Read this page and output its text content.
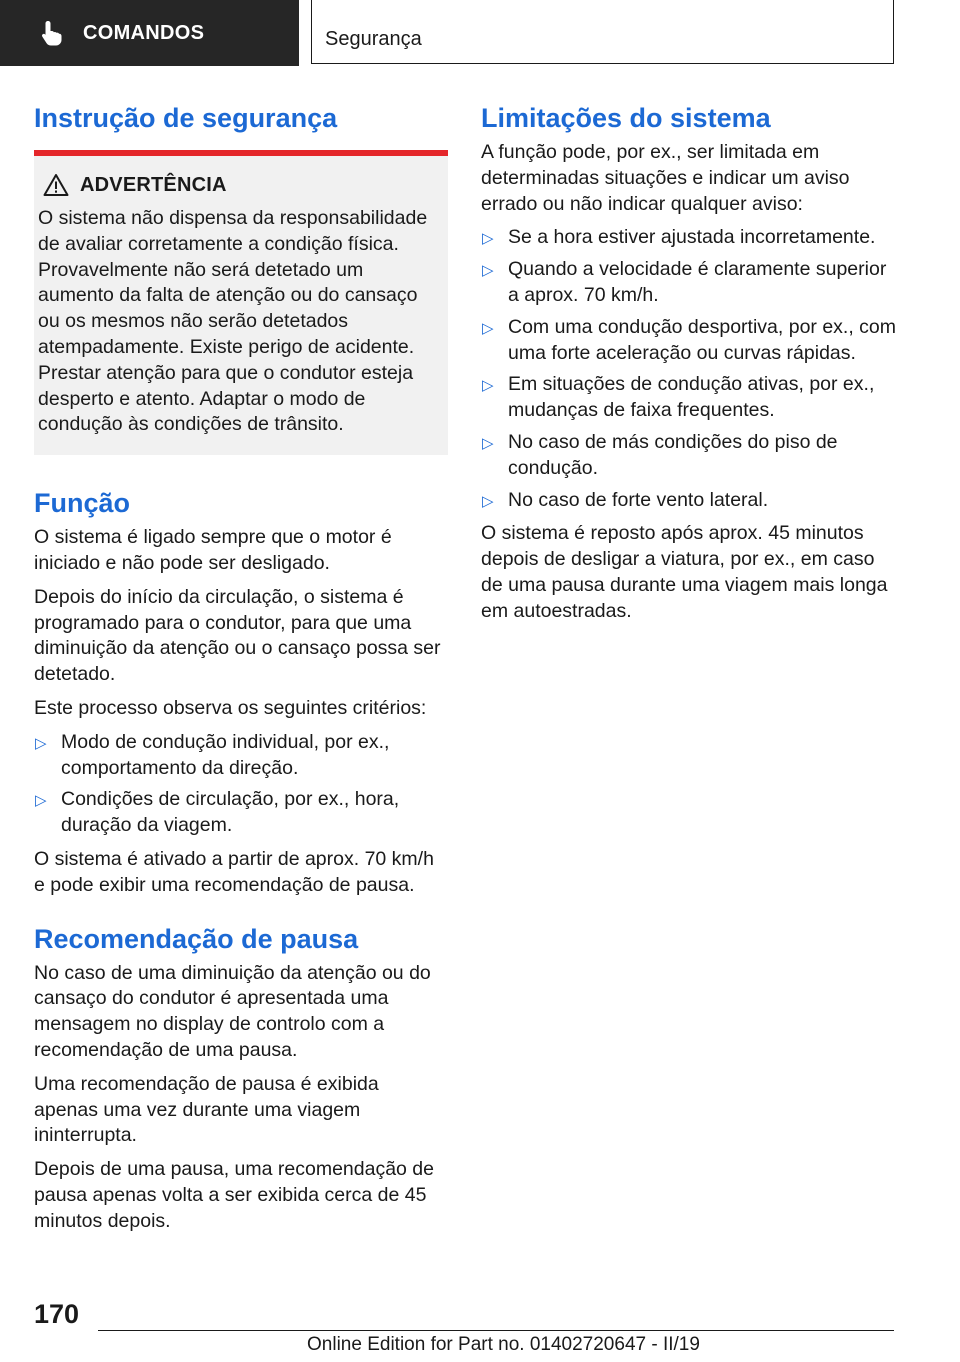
COMANDOS	Segurança
Instrução de segurança
ADVERTÊNCIA

O sistema não dispensa da responsabilidade de avaliar corretamente a condição física. Provavelmente não será detetado um aumento da falta de atenção ou do cansaço ou os mesmos não serão detetados atempadamente. Existe perigo de acidente. Prestar atenção para que o condutor esteja desperto e atento. Adaptar o modo de condução às condições de trânsito.

Função

O sistema é ligado sempre que o motor é iniciado e não pode ser desligado.

Depois do início da circulação, o sistema é programado para o condutor, para que uma diminuição da atenção ou o cansaço possa ser detetado.

Este processo observa os seguintes critérios:

▷ Modo de condução individual, por ex., comportamento da direção.
▷ Condições de circulação, por ex., hora, duração da viagem.

O sistema é ativado a partir de aprox. 70 km/h e pode exibir uma recomendação de pausa.

Recomendação de pausa

No caso de uma diminuição da atenção ou do cansaço do condutor é apresentada uma mensagem no display de controlo com a recomendação de uma pausa.

Uma recomendação de pausa é exibida apenas uma vez durante uma viagem ininterrupta.

Depois de uma pausa, uma recomendação de pausa apenas volta a ser exibida cerca de 45 minutos depois.

Limitações do sistema

A função pode, por ex., ser limitada em determinadas situações e indicar um aviso errado ou não indicar qualquer aviso:

▷ Se a hora estiver ajustada incorretamente.
▷ Quando a velocidade é claramente superior a aprox. 70 km/h.
▷ Com uma condução desportiva, por ex., com uma forte aceleração ou curvas rápidas.
▷ Em situações de condução ativas, por ex., mudanças de faixa frequentes.
▷ No caso de más condições do piso de condução.
▷ No caso de forte vento lateral.

O sistema é reposto após aprox. 45 minutos depois de desligar a viatura, por ex., em caso de uma pausa durante uma viagem mais longa em autoestradas.

170
Online Edition for Part no. 01402720647 - II/19
